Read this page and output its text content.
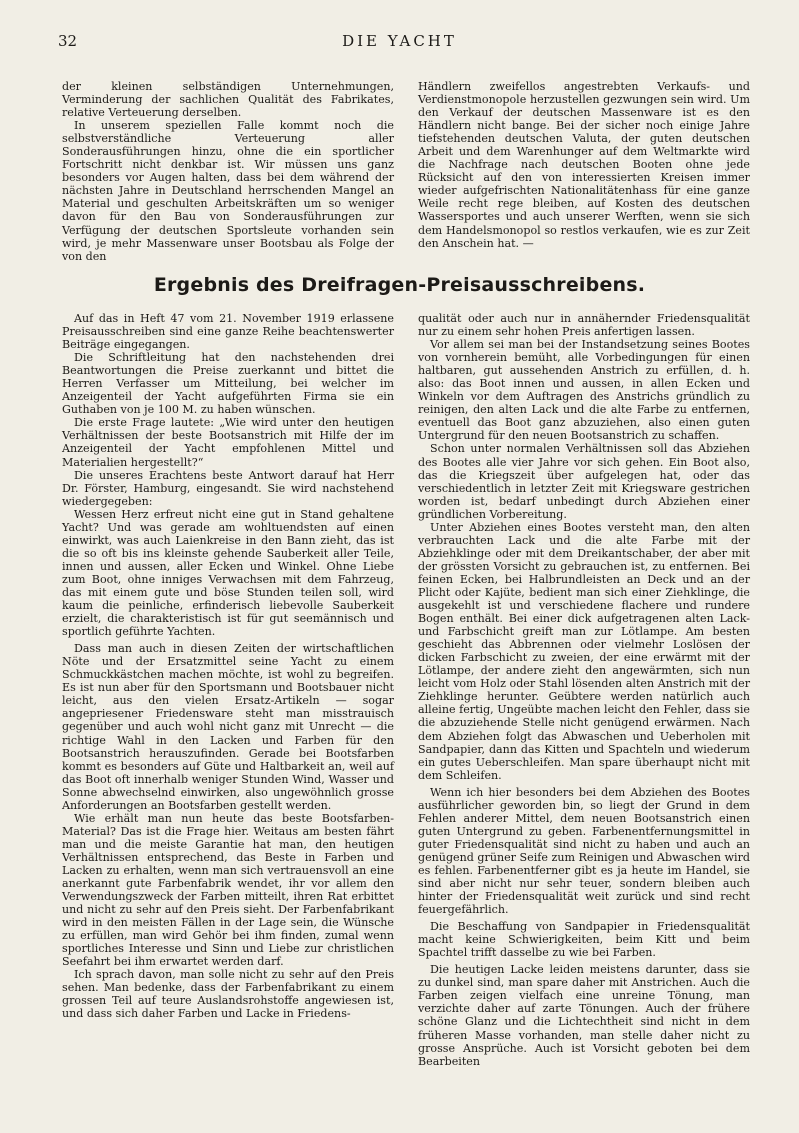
32	DIE YACHT

der kleinen selbständigen Unternehmungen, Verminderung der sachlichen Qualität des Fabrikates, relative Verteuerung derselben.

In unserem speziellen Falle kommt noch die selbstverständliche Verteuerung aller Sonderausführungen hinzu, ohne die ein sportlicher Fortschritt nicht denkbar ist. Wir müssen uns ganz besonders vor Augen halten, dass bei dem während der nächsten Jahre in Deutschland herrschenden Mangel an Material und geschulten Arbeitskräften um so weniger davon für den Bau von Sonderausführungen zur Verfügung der deutschen Sportsleute vorhanden sein wird, je mehr Massenware unser Bootsbau als Folge der von den

Händlern zweifellos angestrebten Verkaufs- und Verdienstmonopole herzustellen gezwungen sein wird. Um den Verkauf der deutschen Massenware ist es den Händlern nicht bange. Bei der sicher noch einige Jahre tiefstehenden deutschen Valuta, der guten deutschen Arbeit und dem Warenhunger auf dem Weltmarkte wird die Nachfrage nach deutschen Booten ohne jede Rücksicht auf den von interessierten Kreisen immer wieder aufgefrischten Nationalitätenhass für eine ganze Weile recht rege bleiben, auf Kosten des deutschen Wassersportes und auch unserer Werften, wenn sie sich dem Handelsmonopol so restlos verkaufen, wie es zur Zeit den Anschein hat. —

Ergebnis des Dreifragen-Preisausschreibens.

Auf das in Heft 47 vom 21. November 1919 erlassene Preisausschreiben sind eine ganze Reihe beachtenswerter Beiträge eingegangen.

Die Schriftleitung hat den nachstehenden drei Beantwortungen die Preise zuerkannt und bittet die Herren Verfasser um Mitteilung, bei welcher im Anzeigenteil der Yacht aufgeführten Firma sie ein Guthaben von je 100 M. zu haben wünschen.

Die erste Frage lautete: „Wie wird unter den heutigen Verhältnissen der beste Bootsanstrich mit Hilfe der im Anzeigenteil der Yacht empfohlenen Mittel und Materialien hergestellt?“

Die unseres Erachtens beste Antwort darauf hat Herr Dr. Förster, Hamburg, eingesandt. Sie wird nachstehend wiedergegeben:

Wessen Herz erfreut nicht eine gut in Stand gehaltene Yacht? Und was gerade am wohltuendsten auf einen einwirkt, was auch Laienkreise in den Bann zieht, das ist die so oft bis ins kleinste gehende Sauberkeit aller Teile, innen und aussen, aller Ecken und Winkel. Ohne Liebe zum Boot, ohne inniges Verwachsen mit dem Fahrzeug, das mit einem gute und böse Stunden teilen soll, wird kaum die peinliche, erfinderisch liebevolle Sauberkeit erzielt, die charakteristisch ist für gut seemännisch und sportlich geführte Yachten.

Dass man auch in diesen Zeiten der wirtschaftlichen Nöte und der Ersatzmittel seine Yacht zu einem Schmuckkästchen machen möchte, ist wohl zu begreifen. Es ist nun aber für den Sportsmann und Bootsbauer nicht leicht, aus den vielen Ersatz-Artikeln — sogar angepriesener Friedensware steht man misstrauisch gegenüber und auch wohl nicht ganz mit Unrecht — die richtige Wahl in den Lacken und Farben für den Bootsanstrich herauszufinden. Gerade bei Bootsfarben kommt es besonders auf Güte und Haltbarkeit an, weil auf das Boot oft innerhalb weniger Stunden Wind, Wasser und Sonne abwechselnd einwirken, also ungewöhnlich grosse Anforderungen an Bootsfarben gestellt werden.

Wie erhält man nun heute das beste Bootsfarben-Material? Das ist die Frage hier. Weitaus am besten fährt man und die meiste Garantie hat man, den heutigen Verhältnissen entsprechend, das Beste in Farben und Lacken zu erhalten, wenn man sich vertrauensvoll an eine anerkannt gute Farbenfabrik wendet, ihr vor allem den Verwendungszweck der Farben mitteilt, ihren Rat erbittet und nicht zu sehr auf den Preis sieht. Der Farbenfabrikant wird in den meisten Fällen in der Lage sein, die Wünsche zu erfüllen, man wird Gehör bei ihm finden, zumal wenn sportliches Interesse und Sinn und Liebe zur christlichen Seefahrt bei ihm erwartet werden darf.

Ich sprach davon, man solle nicht zu sehr auf den Preis sehen. Man bedenke, dass der Farbenfabrikant zu einem grossen Teil auf teure Auslandsrohstoffe angewiesen ist, und dass sich daher Farben und Lacke in Friedens-

qualität oder auch nur in annähernder Friedensqualität nur zu einem sehr hohen Preis anfertigen lassen.

Vor allem sei man bei der Instandsetzung seines Bootes von vornherein bemüht, alle Vorbedingungen für einen haltbaren, gut aussehenden Anstrich zu erfüllen, d. h. also: das Boot innen und aussen, in allen Ecken und Winkeln vor dem Auftragen des Anstrichs gründlich zu reinigen, den alten Lack und die alte Farbe zu entfernen, eventuell das Boot ganz abzuziehen, also einen guten Untergrund für den neuen Bootsanstrich zu schaffen.

Schon unter normalen Verhältnissen soll das Abziehen des Bootes alle vier Jahre vor sich gehen. Ein Boot also, das die Kriegszeit über aufgelegen hat, oder das verschiedentlich in letzter Zeit mit Kriegsware gestrichen worden ist, bedarf unbedingt durch Abziehen einer gründlichen Vorbereitung.

Unter Abziehen eines Bootes versteht man, den alten verbrauchten Lack und die alte Farbe mit der Abziehklinge oder mit dem Dreikantschaber, der aber mit der grössten Vorsicht zu gebrauchen ist, zu entfernen. Bei feinen Ecken, bei Halbrundleisten an Deck und an der Plicht oder Kajüte, bedient man sich einer Ziehklinge, die ausgekehlt ist und verschiedene flachere und rundere Bogen enthält. Bei einer dick aufgetragenen alten Lack- und Farbschicht greift man zur Lötlampe. Am besten geschieht das Abbrennen oder vielmehr Loslösen der dicken Farbschicht zu zweien, der eine erwärmt mit der Lötlampe, der andere zieht den angewärmten, sich nun leicht vom Holz oder Stahl lösenden alten Anstrich mit der Ziehklinge herunter. Geübtere werden natürlich auch alleine fertig, Ungeübte machen leicht den Fehler, dass sie die abzuziehende Stelle nicht genügend erwärmen. Nach dem Abziehen folgt das Abwaschen und Ueberholen mit Sandpapier, dann das Kitten und Spachteln und wiederum ein gutes Ueberschleifen. Man spare überhaupt nicht mit dem Schleifen.

Wenn ich hier besonders bei dem Abziehen des Bootes ausführlicher geworden bin, so liegt der Grund in dem Fehlen anderer Mittel, dem neuen Bootsanstrich einen guten Untergrund zu geben. Farbenentfernungsmittel in guter Friedensqualität sind nicht zu haben und auch an genügend grüner Seife zum Reinigen und Abwaschen wird es fehlen. Farbenentferner gibt es ja heute im Handel, sie sind aber nicht nur sehr teuer, sondern bleiben auch hinter der Friedensqualität weit zurück und sind recht feuergefährlich.

Die Beschaffung von Sandpapier in Friedensqualität macht keine Schwierigkeiten, beim Kitt und beim Spachtel trifft dasselbe zu wie bei Farben.

Die heutigen Lacke leiden meistens darunter, dass sie zu dunkel sind, man spare daher mit Anstrichen. Auch die Farben zeigen vielfach eine unreine Tönung, man verzichte daher auf zarte Tönungen. Auch der frühere schöne Glanz und die Lichtechtheit sind nicht in dem früheren Masse vorhanden, man stelle daher nicht zu grosse Ansprüche. Auch ist Vorsicht geboten bei dem Bearbeiten
